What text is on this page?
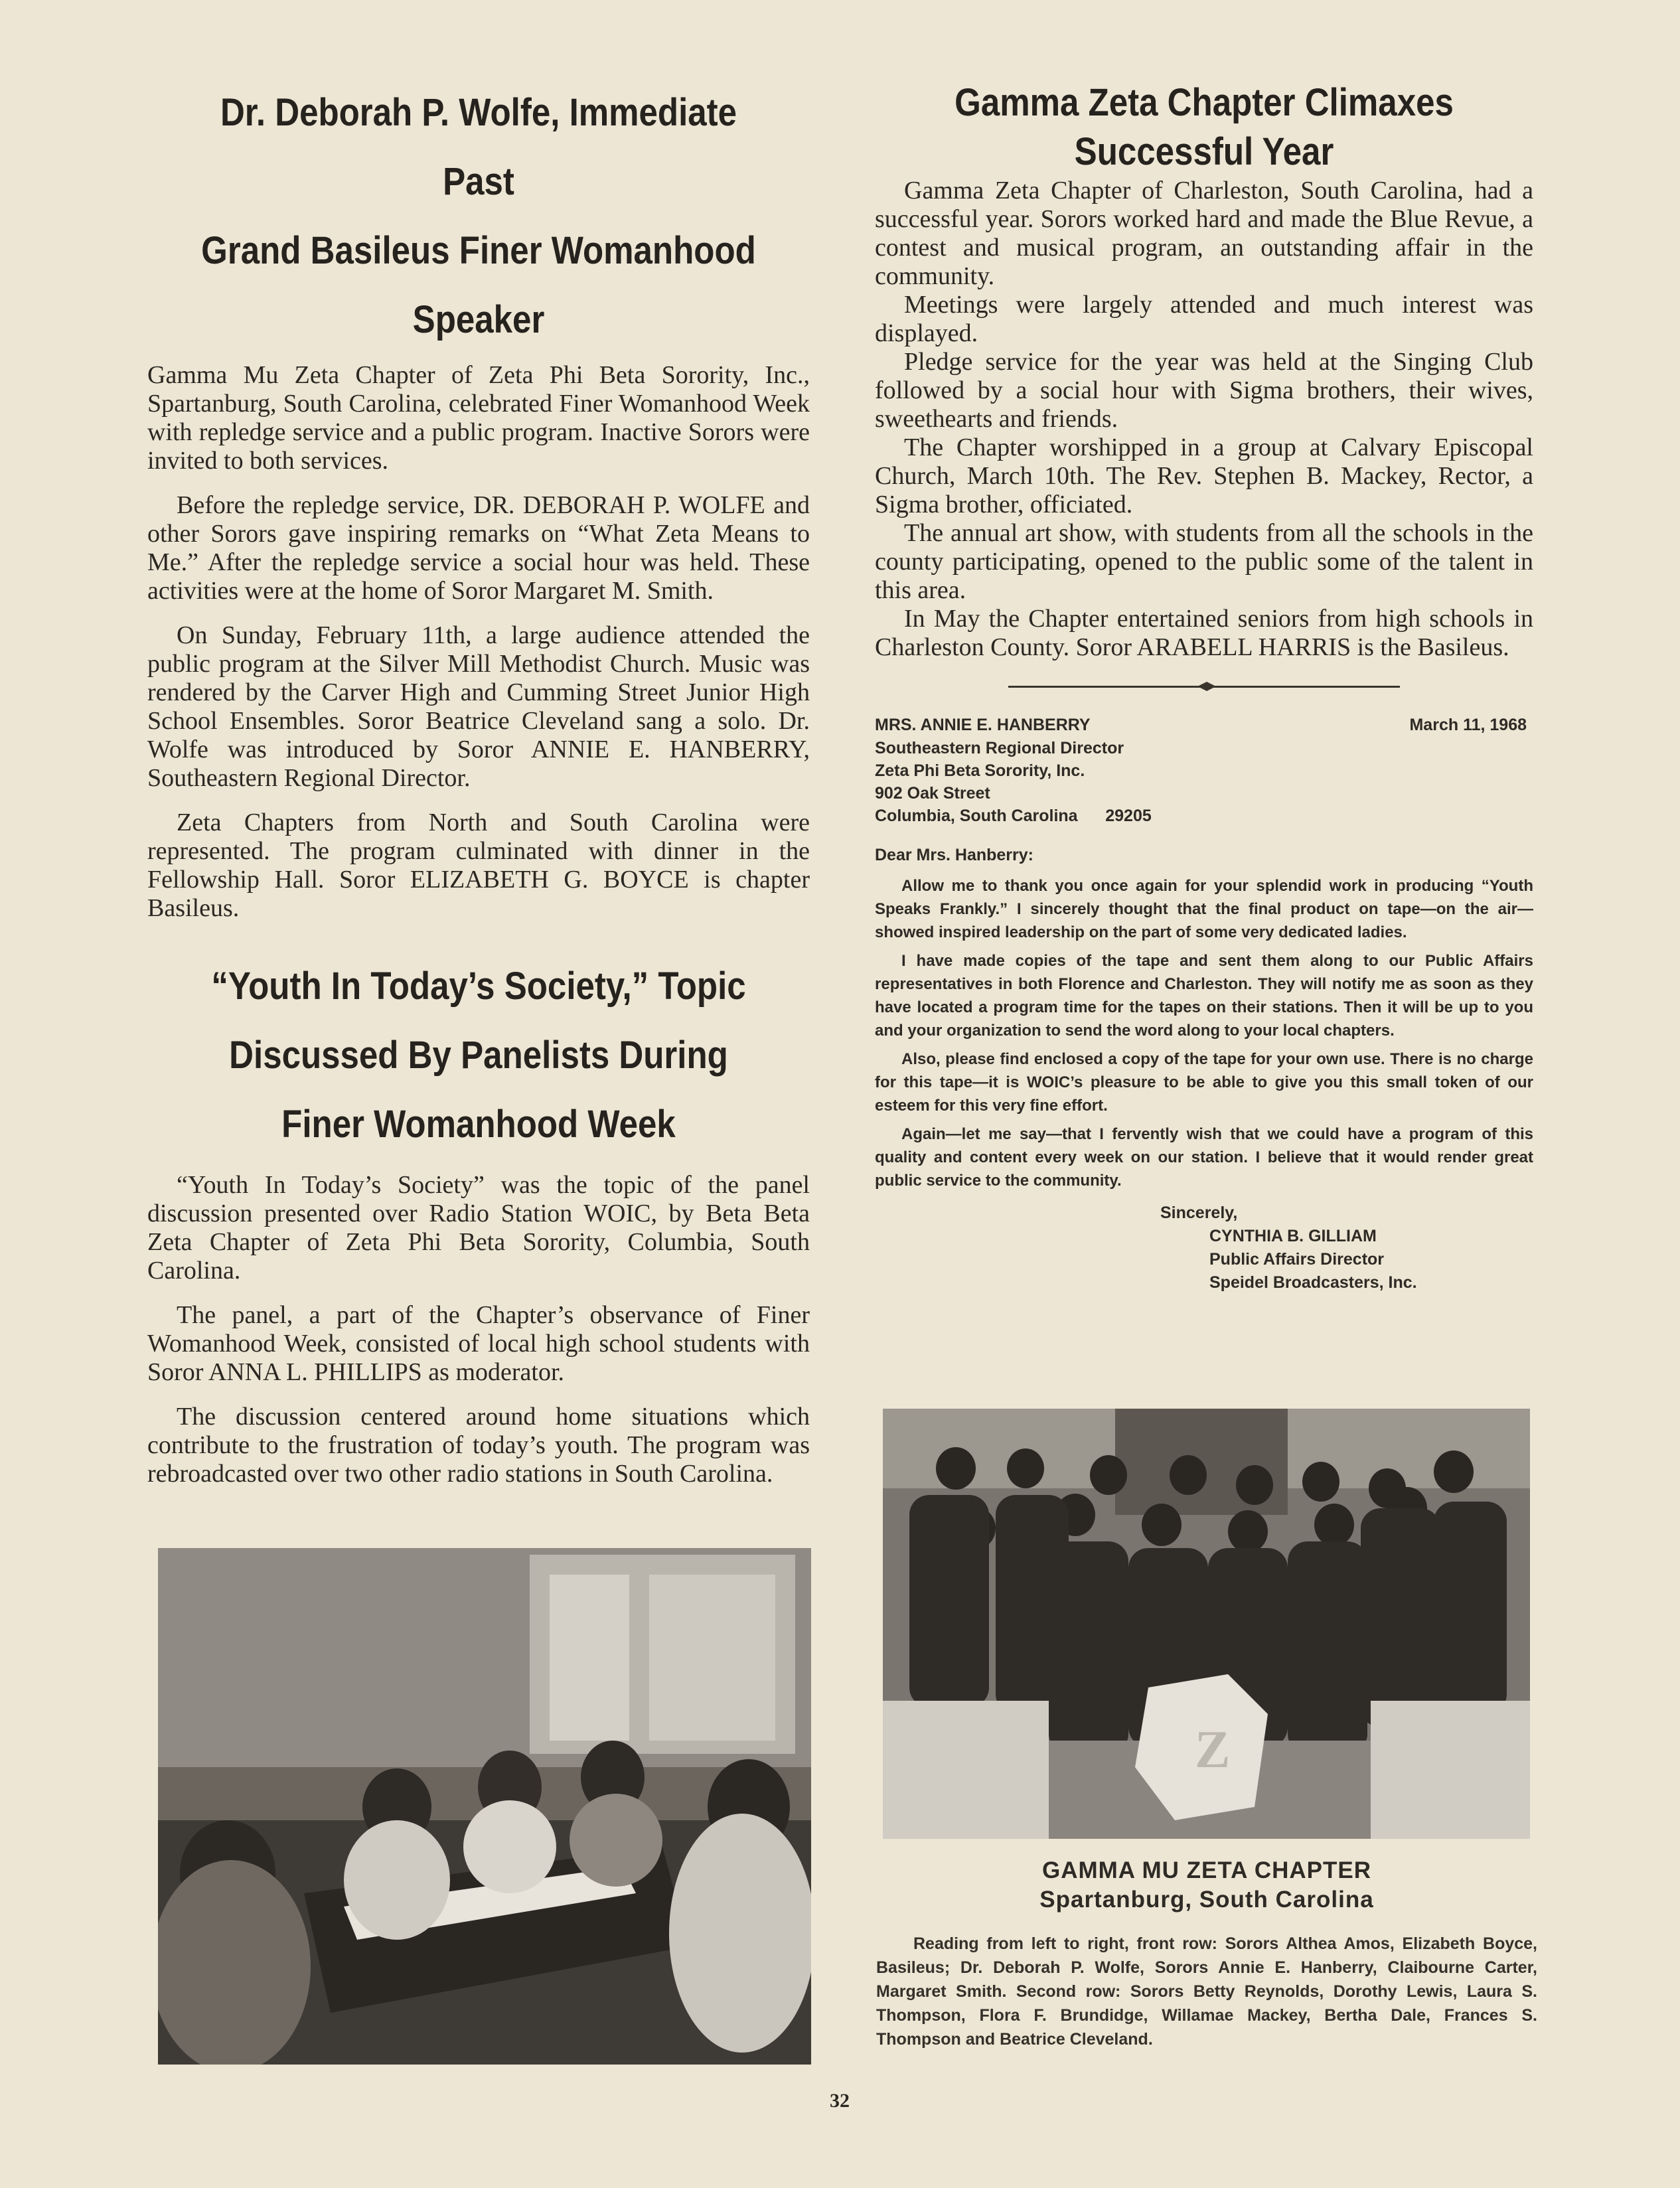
Dr. Deborah P. Wolfe, Immediate Past
Grand Basileus Finer Womanhood
Speaker

Gamma Mu Zeta Chapter of Zeta Phi Beta Sorority, Inc., Spartanburg, South Carolina, celebrated Finer Womanhood Week with repledge service and a public program. Inactive Sorors were invited to both services.

Before the repledge service, DR. DEBORAH P. WOLFE and other Sorors gave inspiring remarks on “What Zeta Means to Me.” After the repledge service a social hour was held. These activities were at the home of Soror Margaret M. Smith.

On Sunday, February 11th, a large audience attended the public program at the Silver Mill Methodist Church. Music was rendered by the Carver High and Cumming Street Junior High School Ensembles. Soror Beatrice Cleveland sang a solo. Dr. Wolfe was introduced by Soror ANNIE E. HANBERRY, Southeastern Regional Director.

Zeta Chapters from North and South Carolina were represented. The program culminated with dinner in the Fellowship Hall. Soror ELIZABETH G. BOYCE is chapter Basileus.

“Youth In Today’s Society,” Topic
Discussed By Panelists During
Finer Womanhood Week

“Youth In Today’s Society” was the topic of the panel discussion presented over Radio Station WOIC, by Beta Beta Zeta Chapter of Zeta Phi Beta Sorority, Columbia, South Carolina.

The panel, a part of the Chapter’s observance of Finer Womanhood Week, consisted of local high school students with Soror ANNA L. PHILLIPS as moderator.

The discussion centered around home situations which contribute to the frustration of today’s youth. The program was rebroadcasted over two other radio stations in South Carolina.

Gamma Zeta Chapter Climaxes
Successful Year

Gamma Zeta Chapter of Charleston, South Carolina, had a successful year. Sorors worked hard and made the Blue Revue, a contest and musical program, an outstanding affair in the community.

Meetings were largely attended and much interest was displayed.

Pledge service for the year was held at the Singing Club followed by a social hour with Sigma brothers, their wives, sweethearts and friends.

The Chapter worshipped in a group at Calvary Episcopal Church, March 10th. The Rev. Stephen B. Mackey, Rector, a Sigma brother, officiated.

The annual art show, with students from all the schools in the county participating, opened to the public some of the talent in this area.

In May the Chapter entertained seniors from high schools in Charleston County. Soror ARABELL HARRIS is the Basileus.

MRS. ANNIE E. HANBERRY	March 11, 1968
Southeastern Regional Director
Zeta Phi Beta Sorority, Inc.
902 Oak Street
Columbia, South Carolina      29205
Dear Mrs. Hanberry:

Allow me to thank you once again for your splendid work in producing “Youth Speaks Frankly.” I sincerely thought that the final product on tape—on the air—showed inspired leadership on the part of some very dedicated ladies.

I have made copies of the tape and sent them along to our Public Affairs representatives in both Florence and Charleston. They will notify me as soon as they have located a program time for the tapes on their stations. Then it will be up to you and your organization to send the word along to your local chapters.

Also, please find enclosed a copy of the tape for your own use. There is no charge for this tape—it is WOIC’s pleasure to be able to give you this small token of our esteem for this very fine effort.

Again—let me say—that I fervently wish that we could have a program of this quality and content every week on our station. I believe that it would render great public service to the community.

Sincerely,
CYNTHIA B. GILLIAM
Public Affairs Director
Speidel Broadcasters, Inc.
Z
GAMMA MU ZETA CHAPTER
Spartanburg, South Carolina
Reading from left to right, front row: Sorors Althea Amos, Elizabeth Boyce, Basileus; Dr. Deborah P. Wolfe, Sorors Annie E. Hanberry, Claibourne Carter, Margaret Smith. Second row: Sorors Betty Reynolds, Dorothy Lewis, Laura S. Thompson, Flora F. Brundidge, Willamae Mackey, Bertha Dale, Frances S. Thompson and Beatrice Cleveland.
32
